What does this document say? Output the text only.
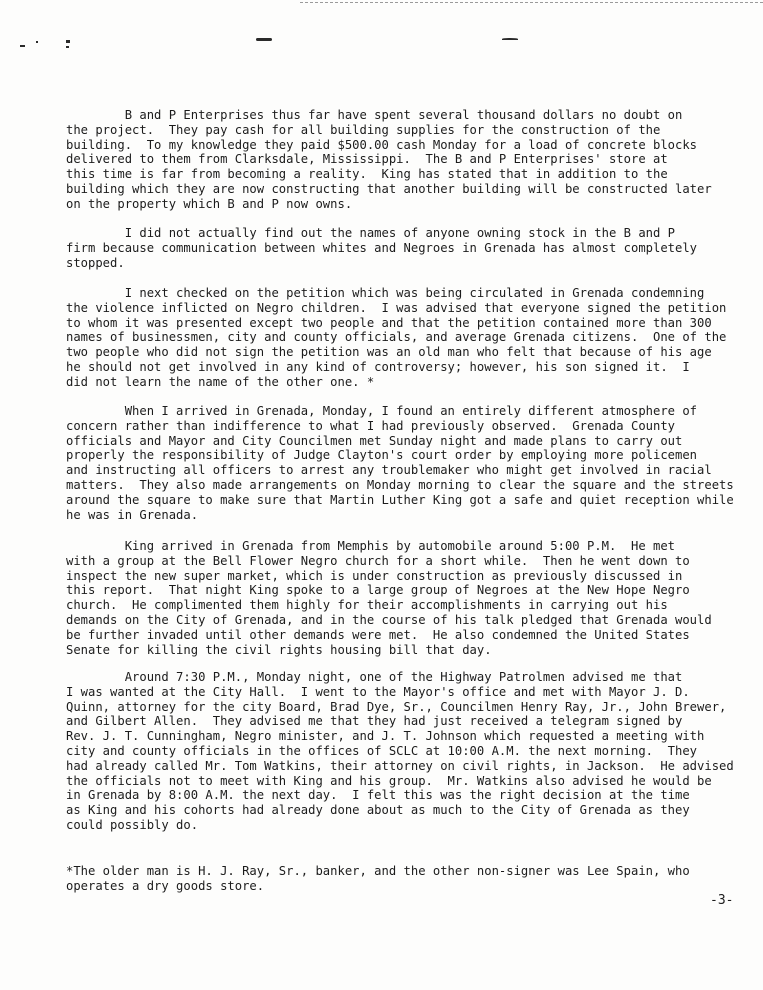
B and P Enterprises thus far have spent several thousand dollars no doubt on
the project.  They pay cash for all building supplies for the construction of the
building.  To my knowledge they paid $500.00 cash Monday for a load of concrete blocks
delivered to them from Clarksdale, Mississippi.  The B and P Enterprises' store at
this time is far from becoming a reality.  King has stated that in addition to the
building which they are now constructing that another building will be constructed later
on the property which B and P now owns.
I did not actually find out the names of anyone owning stock in the B and P
firm because communication between whites and Negroes in Grenada has almost completely
stopped.
I next checked on the petition which was being circulated in Grenada condemning
the violence inflicted on Negro children.  I was advised that everyone signed the petition
to whom it was presented except two people and that the petition contained more than 300
names of businessmen, city and county officials, and average Grenada citizens.  One of the
two people who did not sign the petition was an old man who felt that because of his age
he should not get involved in any kind of controversy; however, his son signed it.  I
did not learn the name of the other one. *
When I arrived in Grenada, Monday, I found an entirely different atmosphere of
concern rather than indifference to what I had previously observed.  Grenada County
officials and Mayor and City Councilmen met Sunday night and made plans to carry out
properly the responsibility of Judge Clayton's court order by employing more policemen
and instructing all officers to arrest any troublemaker who might get involved in racial
matters.  They also made arrangements on Monday morning to clear the square and the streets
around the square to make sure that Martin Luther King got a safe and quiet reception while
he was in Grenada.
King arrived in Grenada from Memphis by automobile around 5:00 P.M.  He met
with a group at the Bell Flower Negro church for a short while.  Then he went down to
inspect the new super market, which is under construction as previously discussed in
this report.  That night King spoke to a large group of Negroes at the New Hope Negro
church.  He complimented them highly for their accomplishments in carrying out his
demands on the City of Grenada, and in the course of his talk pledged that Grenada would
be further invaded until other demands were met.  He also condemned the United States
Senate for killing the civil rights housing bill that day.
Around 7:30 P.M., Monday night, one of the Highway Patrolmen advised me that
I was wanted at the City Hall.  I went to the Mayor's office and met with Mayor J. D.
Quinn, attorney for the city Board, Brad Dye, Sr., Councilmen Henry Ray, Jr., John Brewer,
and Gilbert Allen.  They advised me that they had just received a telegram signed by
Rev. J. T. Cunningham, Negro minister, and J. T. Johnson which requested a meeting with
city and county officials in the offices of SCLC at 10:00 A.M. the next morning.  They
had already called Mr. Tom Watkins, their attorney on civil rights, in Jackson.  He advised
the officials not to meet with King and his group.  Mr. Watkins also advised he would be
in Grenada by 8:00 A.M. the next day.  I felt this was the right decision at the time
as King and his cohorts had already done about as much to the City of Grenada as they
could possibly do.
*The older man is H. J. Ray, Sr., banker, and the other non-signer was Lee Spain, who
operates a dry goods store.
-3-
